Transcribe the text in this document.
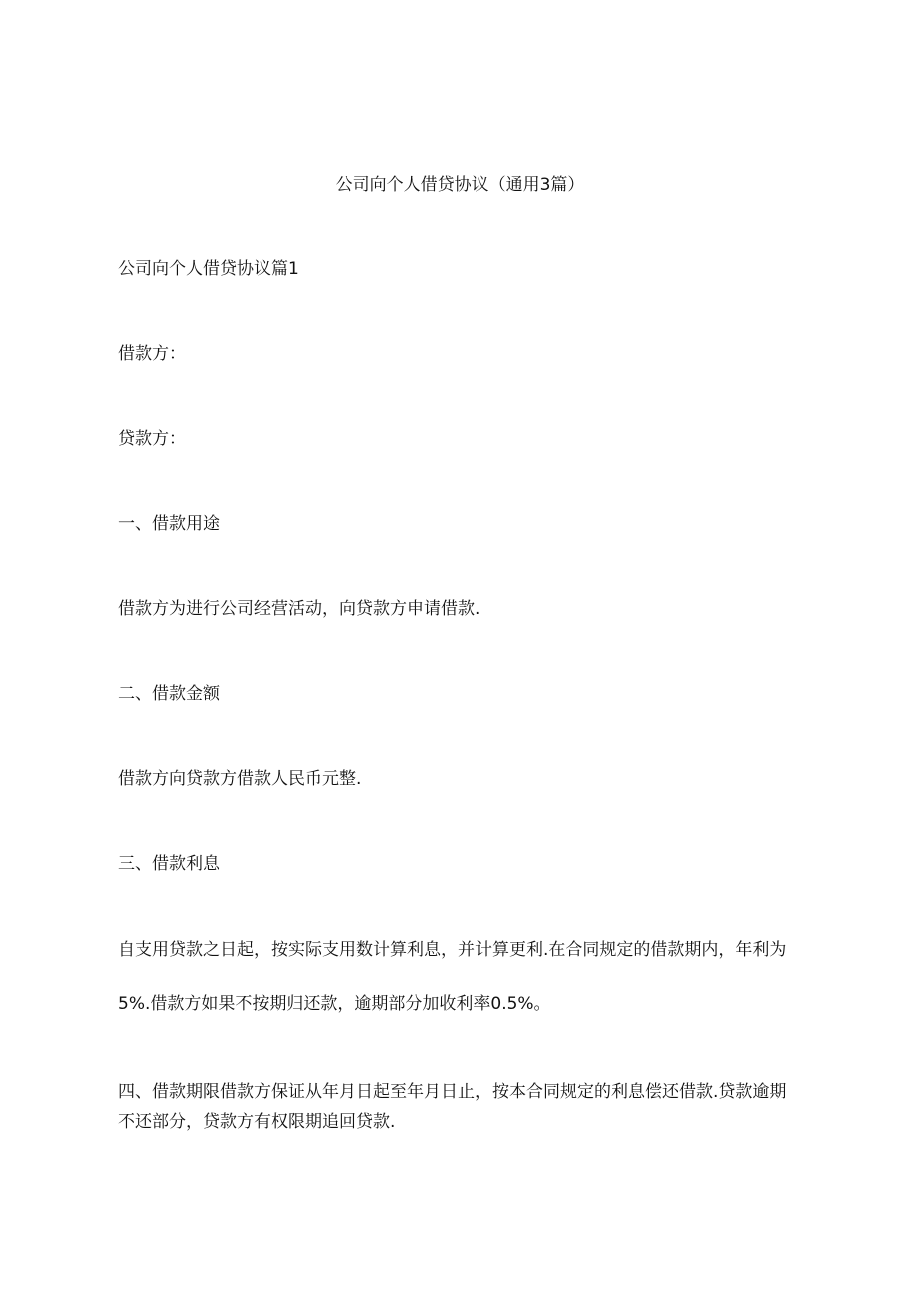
公司向个人借贷协议（通用3篇）
公司向个人借贷协议篇1
借款方：
贷款方：
一、借款用途
借款方为进行公司经营活动，向贷款方申请借款.
二、借款金额
借款方向贷款方借款人民币元整.
三、借款利息
自支用贷款之日起，按实际支用数计算利息，并计算更利.在合同规定的借款期内，年利为
5%.借款方如果不按期归还款，逾期部分加收利率0.5%。
四、借款期限借款方保证从年月日起至年月日止，按本合同规定的利息偿还借款.贷款逾期
不还部分，贷款方有权限期追回贷款.
